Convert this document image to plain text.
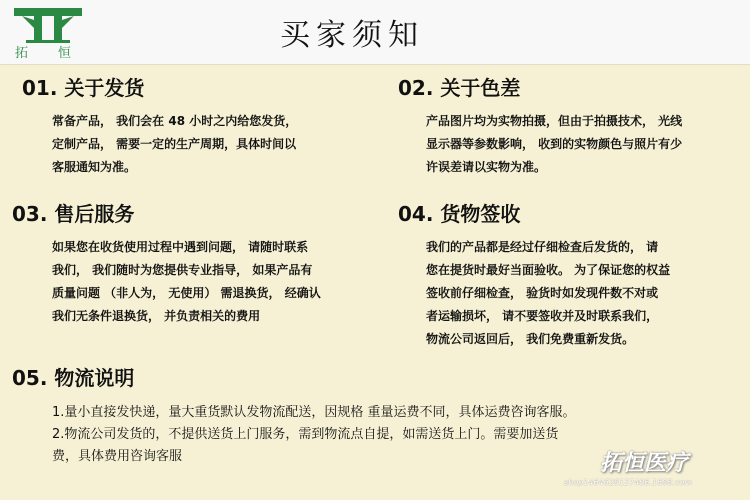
拓 恒
买家须知
01. 关于发货
常备产品， 我们会在 48 小时之内给您发货，
定制产品， 需要一定的生产周期，具体时间以
客服通知为准。
02. 关于色差
产品图片均为实物拍摄，但由于拍摄技术， 光线
显示器等参数影响， 收到的实物颜色与照片有少
许误差请以实物为准。
03. 售后服务
如果您在收货使用过程中遇到问题， 请随时联系
我们， 我们随时为您提供专业指导， 如果产品有
质量问题 （非人为， 无使用） 需退换货， 经确认
我们无条件退换货， 并负责相关的费用
04. 货物签收
我们的产品都是经过仔细检查后发货的， 请
您在提货时最好当面验收。 为了保证您的权益
签收前仔细检查， 验货时如发现件数不对或
者运输损坏， 请不要签收并及时联系我们，
物流公司返回后， 我们免费重新发货。
05. 物流说明
1.量小直接发快递，量大重货默认发物流配送，因规格 重量运费不同，具体运费咨询客服。
2.物流公司发货的，不提供送货上门服务，需到物流点自提，如需送货上门。需要加送货
费，具体费用咨询客服	拓恒医疗
shop1464628127406.1688.com
